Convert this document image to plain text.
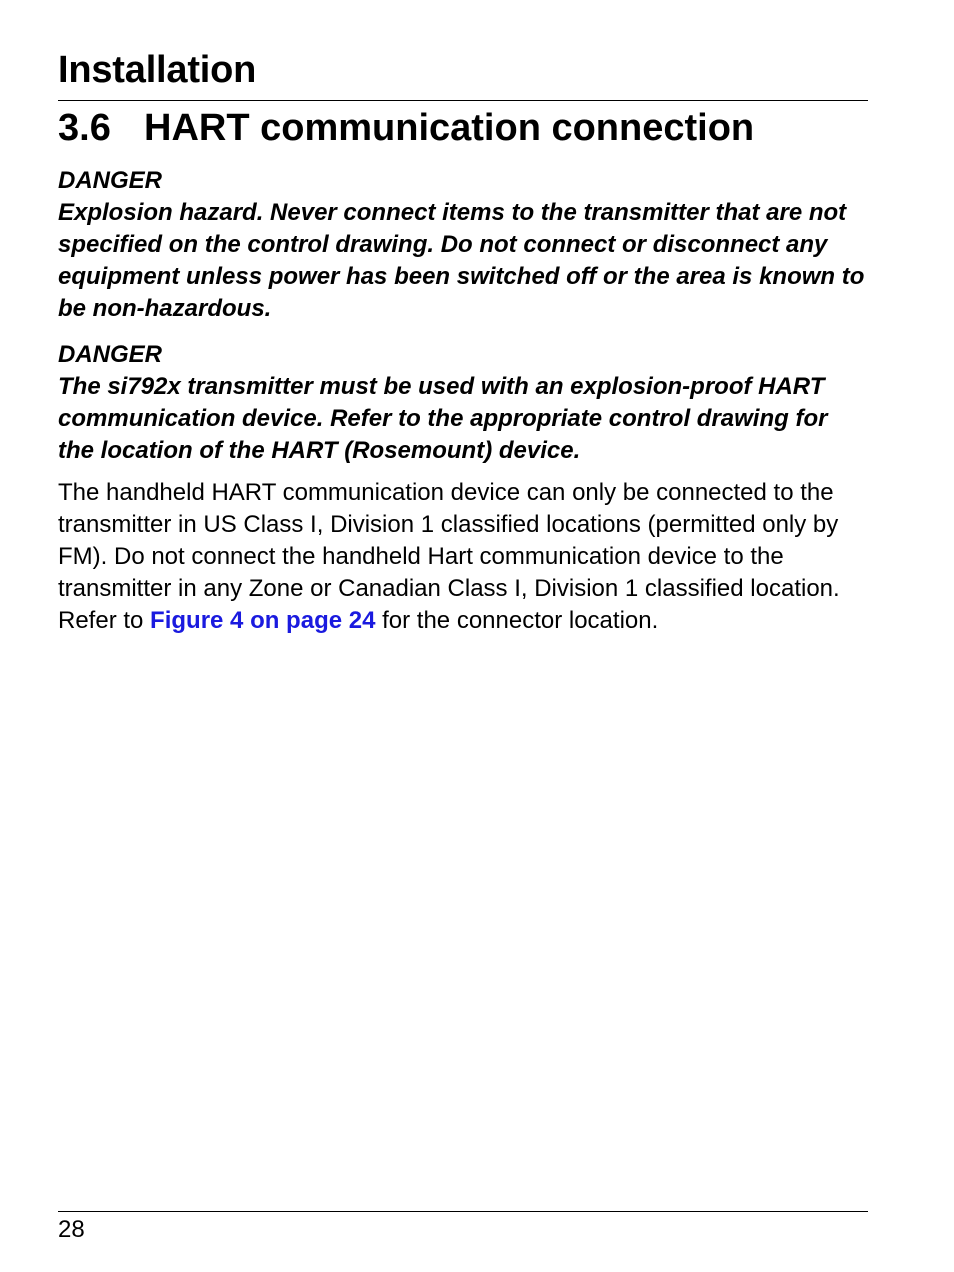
Installation
3.6 HART communication connection

DANGER

Explosion hazard. Never connect items to the transmitter that are not specified on the control drawing. Do not connect or disconnect any equipment unless power has been switched off or the area is known to be non-hazardous.

DANGER

The si792x transmitter must be used with an explosion-proof HART communication device. Refer to the appropriate control drawing for the location of the HART (Rosemount) device.

The handheld HART communication device can only be connected to the transmitter in US Class I, Division 1 classified locations (permitted only by FM). Do not connect the handheld Hart communication device to the transmitter in any Zone or Canadian Class I, Division 1 classified location. Refer to Figure 4 on page 24 for the connector location.

28
